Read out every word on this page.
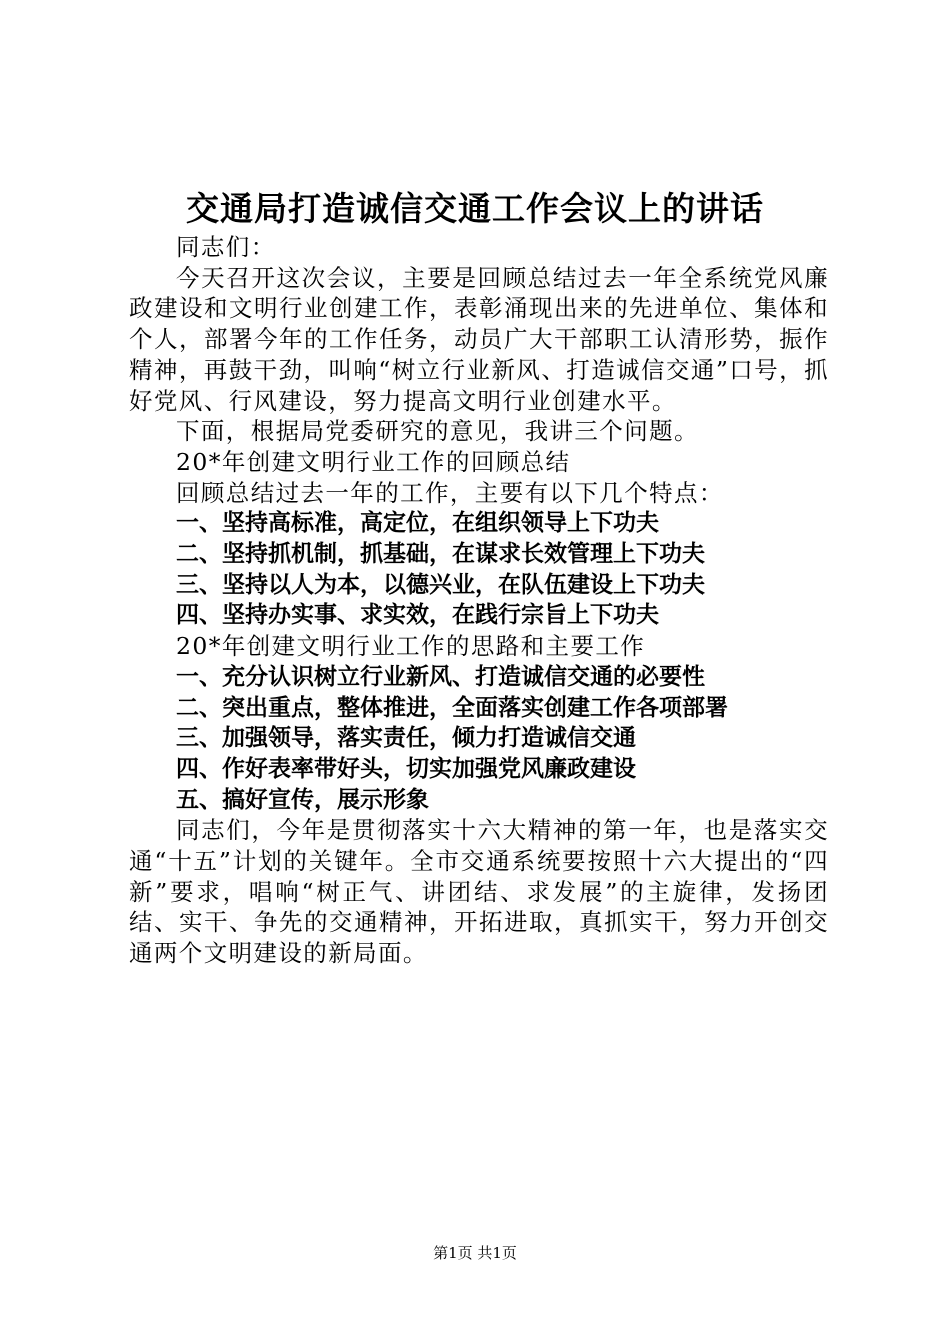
交通局打造诚信交通工作会议上的讲话

同志们：

今天召开这次会议，主要是回顾总结过去一年全系统党风廉政建设和文明行业创建工作，表彰涌现出来的先进单位、集体和个人，部署今年的工作任务，动员广大干部职工认清形势，振作精神，再鼓干劲，叫响“树立行业新风、打造诚信交通”口号，抓好党风、行风建设，努力提高文明行业创建水平。

下面，根据局党委研究的意见，我讲三个问题。

20*年创建文明行业工作的回顾总结

回顾总结过去一年的工作，主要有以下几个特点：

一、坚持高标准，高定位，在组织领导上下功夫

二、坚持抓机制，抓基础，在谋求长效管理上下功夫

三、坚持以人为本，以德兴业，在队伍建设上下功夫

四、坚持办实事、求实效，在践行宗旨上下功夫

20*年创建文明行业工作的思路和主要工作

一、充分认识树立行业新风、打造诚信交通的必要性

二、突出重点，整体推进，全面落实创建工作各项部署

三、加强领导，落实责任，倾力打造诚信交通

四、作好表率带好头，切实加强党风廉政建设

五、搞好宣传，展示形象

同志们，今年是贯彻落实十六大精神的第一年，也是落实交通“十五”计划的关键年。全市交通系统要按照十六大提出的“四新”要求，唱响“树正气、讲团结、求发展”的主旋律，发扬团结、实干、争先的交通精神，开拓进取，真抓实干，努力开创交通两个文明建设的新局面。

第1页 共1页
